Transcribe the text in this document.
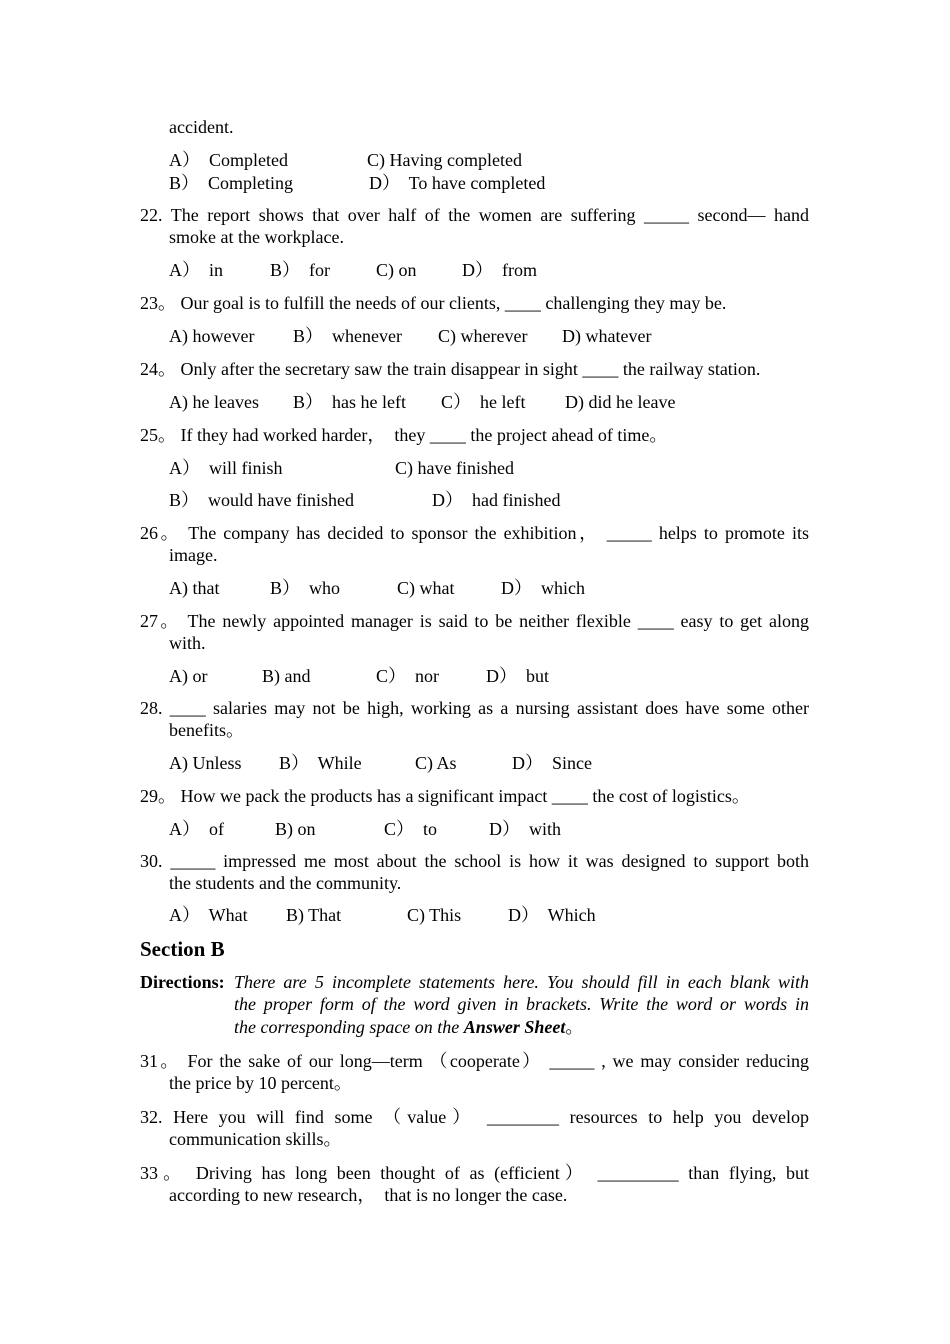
accident.
A）  Completed	C) Having completed
B）  Completing	D）  To have completed
22. The report shows that over half of the women are suffering _____ second— hand
smoke at the workplace.
A）  in	B）  for	C) on	D）  from
23。 Our goal is to fulfill the needs of our clients, ____ challenging they may be.
A) however B）  whenever C) wherever D) whatever
24。 Only after the secretary saw the train disappear in sight ____ the railway station.
A) he leaves B）  has he left C）  he left D) did he leave
25。 If they had worked harder，  they ____ the project ahead of time。
A）  will finish	C) have finished
B）  would have finished	D）  had finished
26。 The company has decided to sponsor the exhibition， _____ helps to promote its
image.
A) that	B）  who	C) what	D）  which
27。 The newly appointed manager is said to be neither flexible ____ easy to get along
with.
A) or	B) and	C）  nor	D）  but
28. ____ salaries may not be high, working as a nursing assistant does have some other
benefits。
A) Unless B）  While	C) As	D）  Since
29。 How we pack the products has a significant impact ____ the cost of logistics。
A）  of	B) on	C）  to	D）  with
30. _____ impressed me most about the school is how it was designed to support both
the students and the community.
A）  What B) That	C) This	D）  Which
Section B
Directions: There are 5 incomplete statements here. You should fill in each blank with
the proper form of the word given in brackets. Write the word or words in
the corresponding space on the Answer Sheet。
31。 For the sake of our long—term （cooperate） _____ , we may consider reducing
the price by 10 percent。
32. Here you will find some （value） ________ resources to help you develop
communication skills。
33。 Driving has long been thought of as (efficient） _________ than flying, but
according to new research，  that is no longer the case.
